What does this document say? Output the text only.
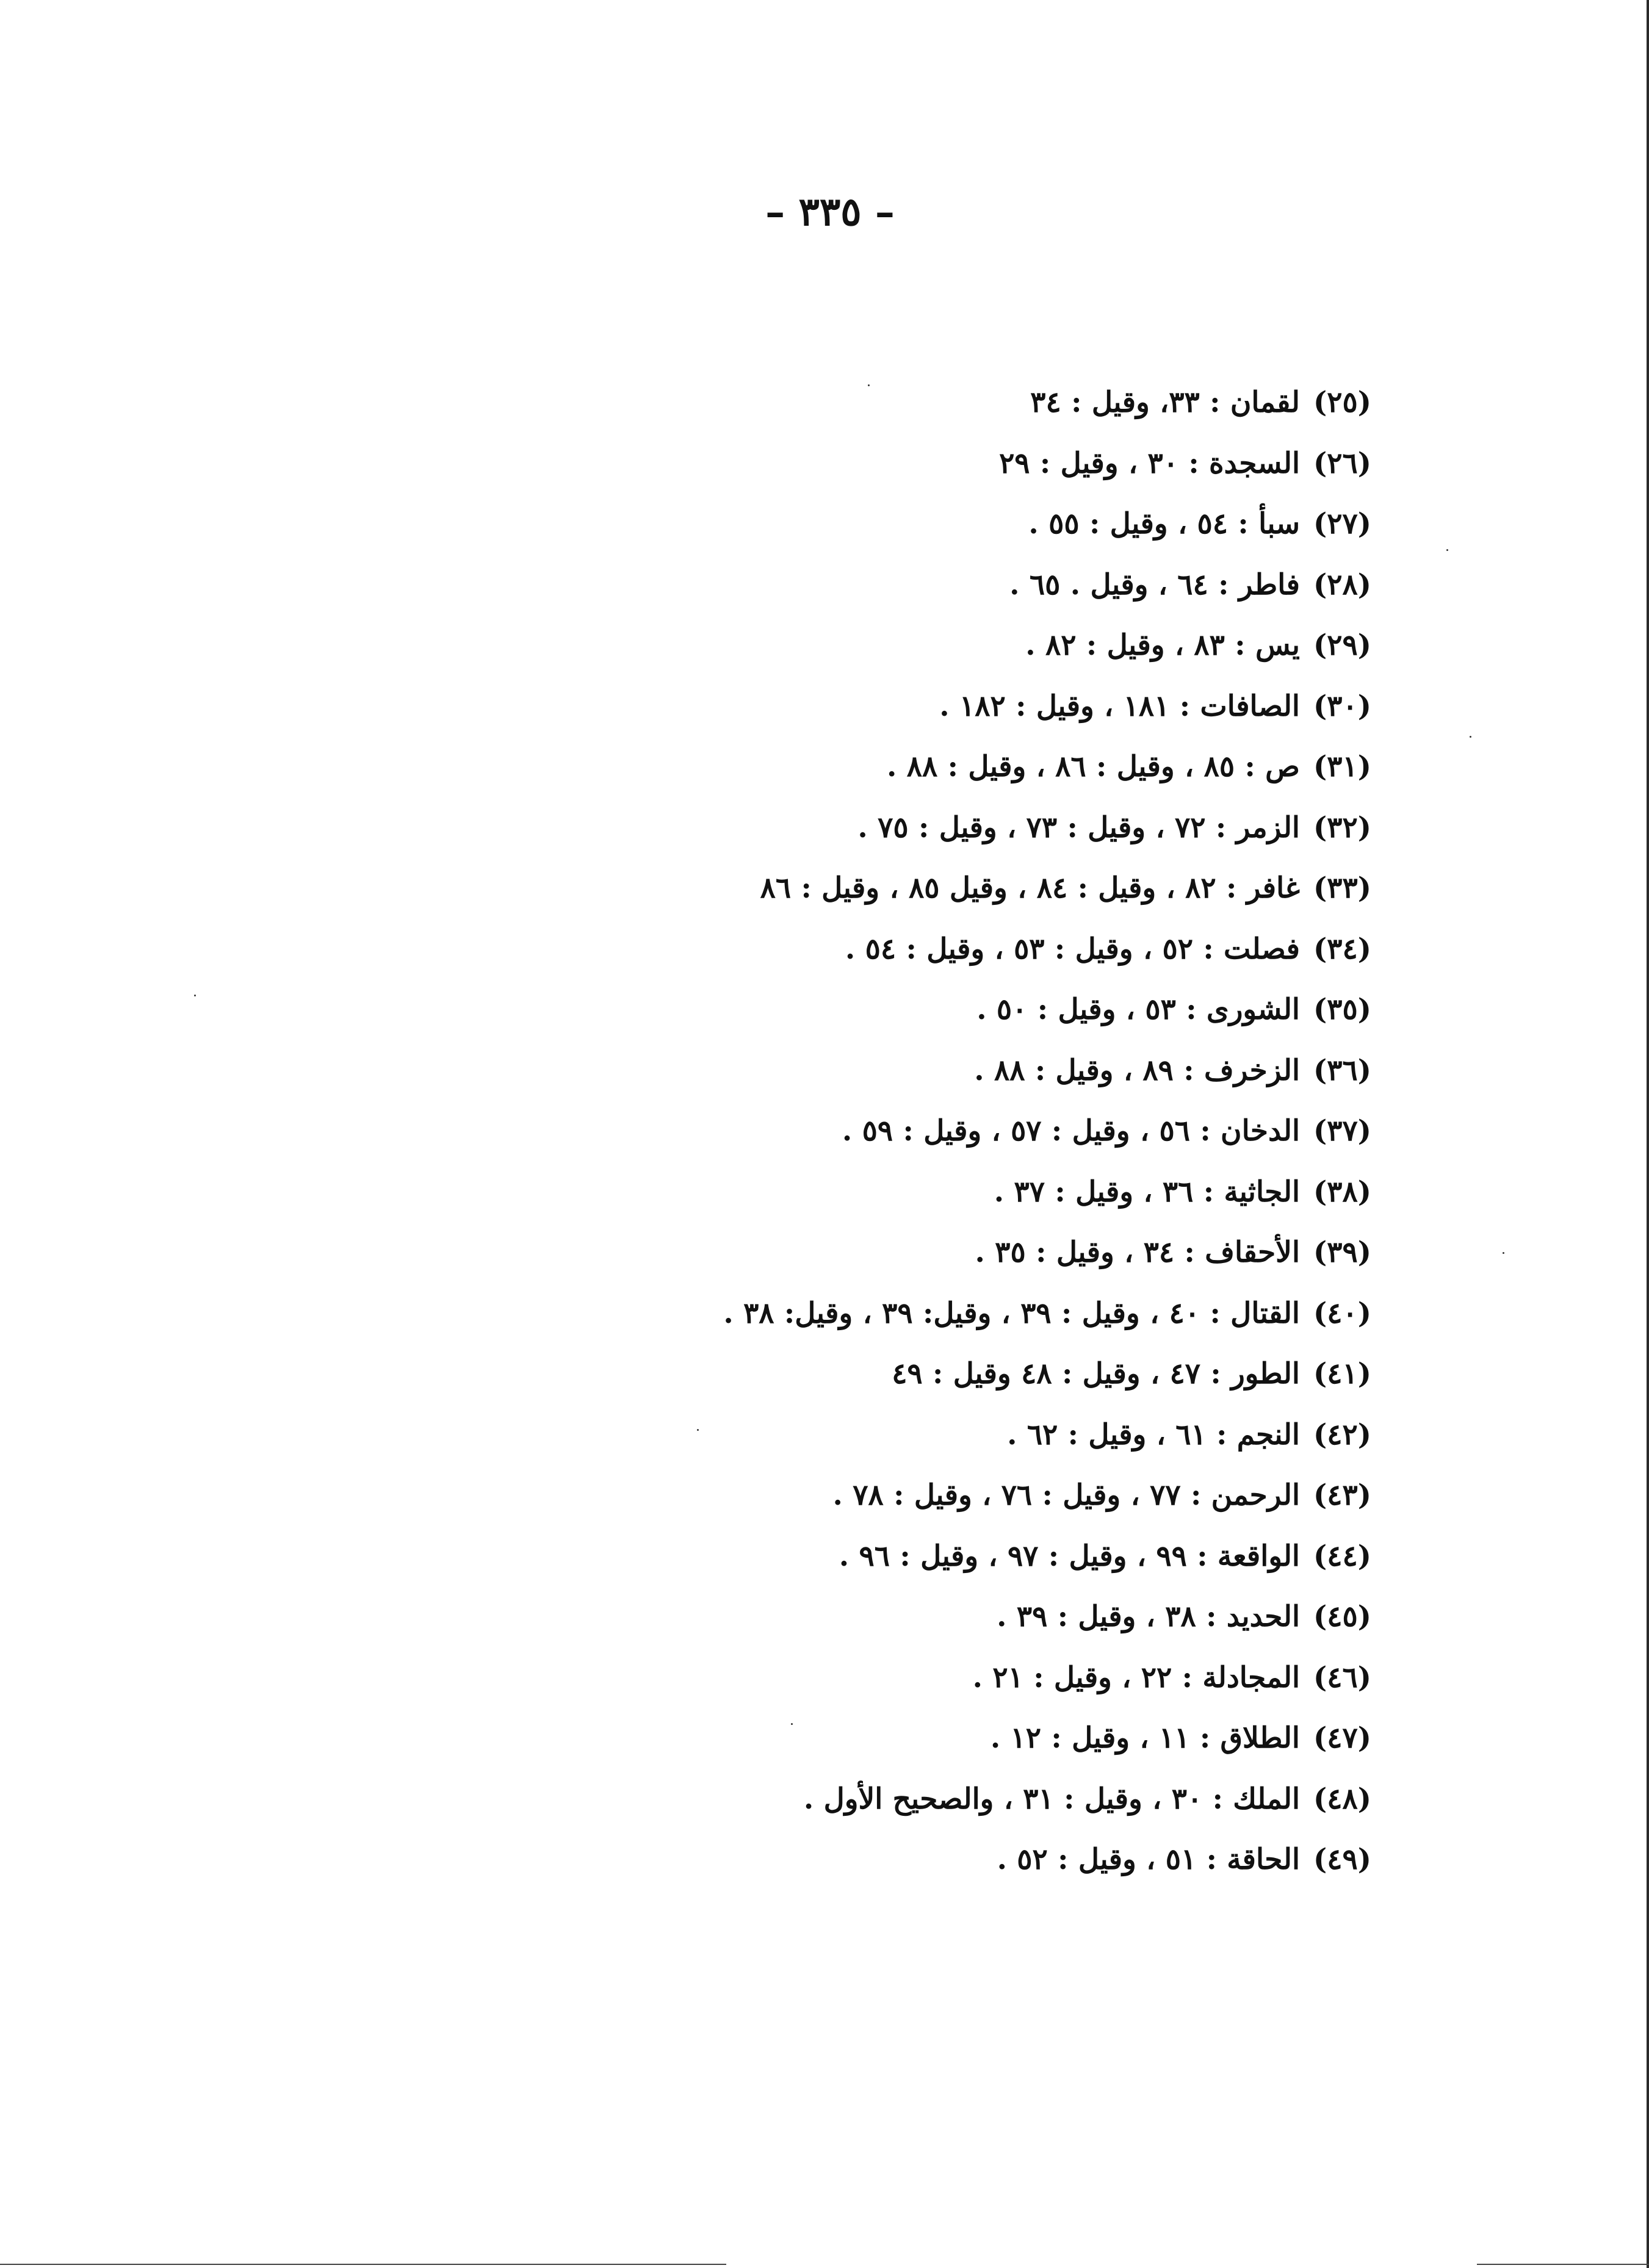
– ٣٣٥ –
(٢٥)لقمان : ٣٣، وقيل : ٣٤
(٢٦)السجدة : ٣٠ ، وقيل : ٢٩
(٢٧)سبأ : ٥٤ ، وقيل : ٥٥ .
(٢٨)فاطر : ٦٤ ، وقيل . ٦٥ .
(٢٩)يس : ٨٣ ، وقيل : ٨٢ .
(٣٠)الصافات : ١٨١ ، وقيل : ١٨٢ .
(٣١)ص : ٨٥ ، وقيل : ٨٦ ، وقيل : ٨٨ .
(٣٢)الزمر : ٧٢ ، وقيل : ٧٣ ، وقيل : ٧٥ .
(٣٣)غافر : ٨٢ ، وقيل : ٨٤ ، وقيل ٨٥ ، وقيل : ٨٦
(٣٤)فصلت : ٥٢ ، وقيل : ٥٣ ، وقيل : ٥٤ .
(٣٥)الشورى : ٥٣ ، وقيل : ٥٠ .
(٣٦)الزخرف : ٨٩ ، وقيل : ٨٨ .
(٣٧)الدخان : ٥٦ ، وقيل : ٥٧ ، وقيل : ٥٩ .
(٣٨)الجاثية : ٣٦ ، وقيل : ٣٧ .
(٣٩)الأحقاف : ٣٤ ، وقيل : ٣٥ .
(٤٠)القتال : ٤٠ ، وقيل : ٣٩ ، وقيل: ٣٩ ، وقيل: ٣٨ .
(٤١)الطور : ٤٧ ، وقيل : ٤٨ وقيل : ٤٩
(٤٢)النجم : ٦١ ، وقيل : ٦٢ .
(٤٣)الرحمن : ٧٧ ، وقيل : ٧٦ ، وقيل : ٧٨ .
(٤٤)الواقعة : ٩٩ ، وقيل : ٩٧ ، وقيل : ٩٦ .
(٤٥)الحديد : ٣٨ ، وقيل : ٣٩ .
(٤٦)المجادلة : ٢٢ ، وقيل : ٢١ .
(٤٧)الطلاق : ١١ ، وقيل : ١٢ .
(٤٨)الملك : ٣٠ ، وقيل : ٣١ ، والصحيح الأول .
(٤٩)الحاقة : ٥١ ، وقيل : ٥٢ .
